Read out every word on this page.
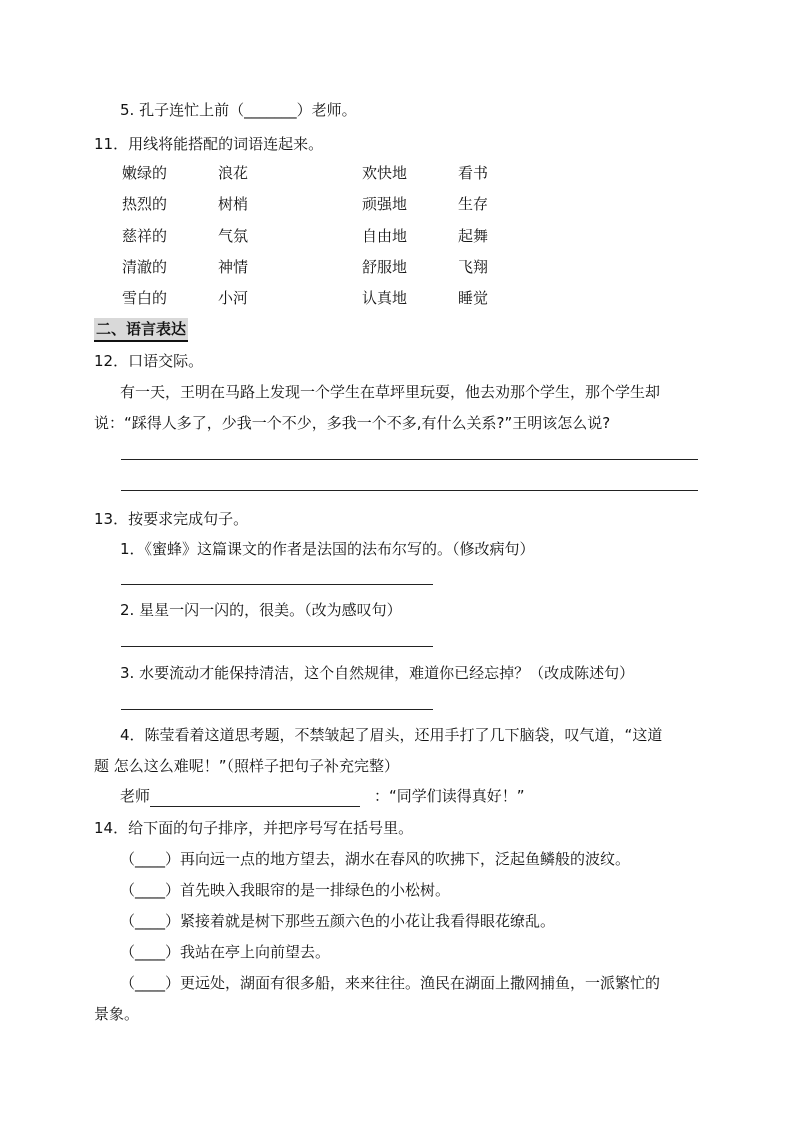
5. 孔子连忙上前（_______）老师。
11．用线将能搭配的词语连起来。
嫩绿的	浪花	欢快地	看书
热烈的	树梢	顽强地	生存
慈祥的	气氛	自由地	起舞
清澈的	神情	舒服地	飞翔
雪白的	小河	认真地	睡觉
二、语言表达
12．口语交际。
有一天，王明在马路上发现一个学生在草坪里玩耍，他去劝那个学生，那个学生却
说：“踩得人多了，少我一个不少，多我一个不多,有什么关系?”王明该怎么说?
13．按要求完成句子。
1．《蜜蜂》这篇课文的作者是法国的法布尔写的。（修改病句）
2. 星星一闪一闪的，很美。（改为感叹句）
3. 水要流动才能保持清洁，这个自然规律，难道你已经忘掉？（改成陈述句）
4．陈莹看着这道思考题，不禁皱起了眉头，还用手打了几下脑袋，叹气道，“这道
题 怎么这么难呢！”（照样子把句子补充完整）
老师	：“同学们读得真好！”
14．给下面的句子排序，并把序号写在括号里。
（____）再向远一点的地方望去，湖水在春风的吹拂下，泛起鱼鳞般的波纹。
（____）首先映入我眼帘的是一排绿色的小松树。
（____）紧接着就是树下那些五颜六色的小花让我看得眼花缭乱。
（____）我站在亭上向前望去。
（____）更远处，湖面有很多船，来来往往。渔民在湖面上撒网捕鱼，一派繁忙的
景象。
